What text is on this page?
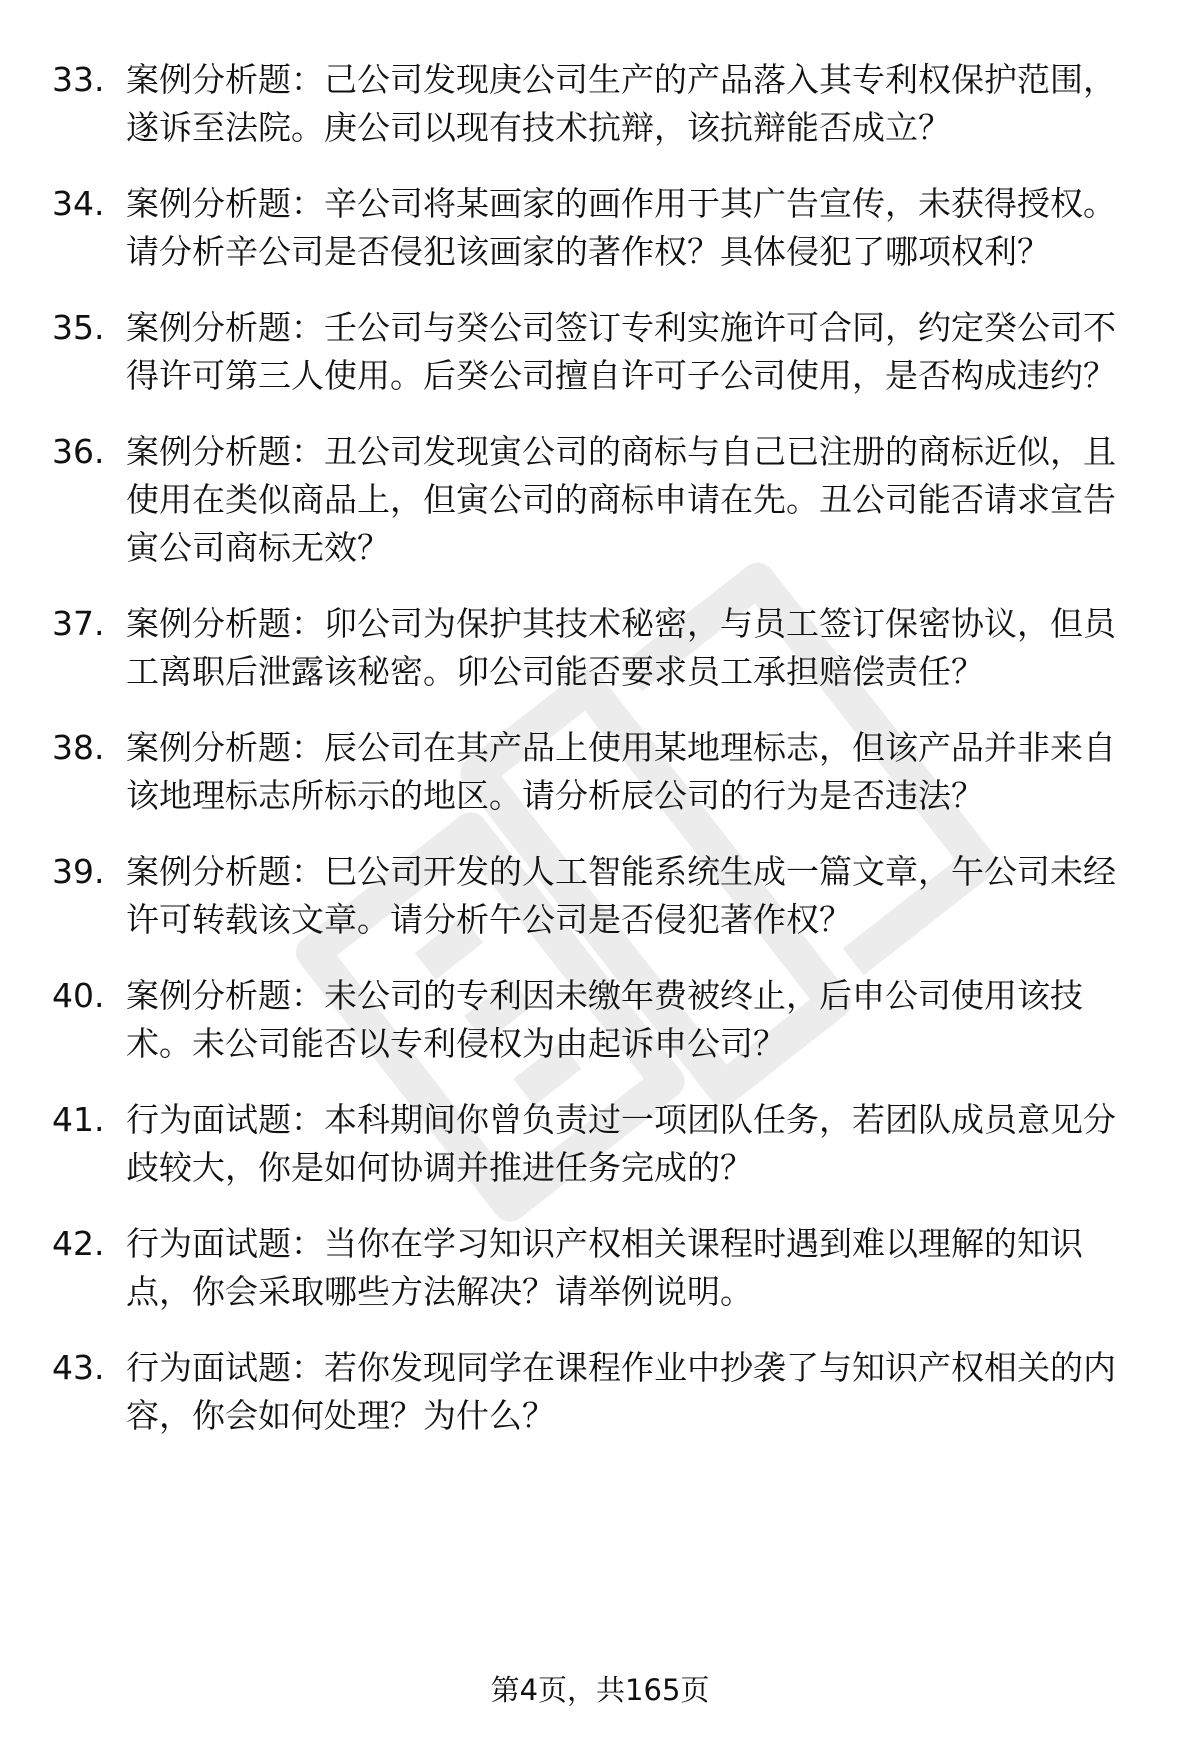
33. 案例分析题：己公司发现庚公司生产的产品落入其专利权保护范围，遂诉至法院。庚公司以现有技术抗辩，该抗辩能否成立？
34. 案例分析题：辛公司将某画家的画作用于其广告宣传，未获得授权。请分析辛公司是否侵犯该画家的著作权？具体侵犯了哪项权利？
35. 案例分析题：壬公司与癸公司签订专利实施许可合同，约定癸公司不得许可第三人使用。后癸公司擅自许可子公司使用，是否构成违约？
36. 案例分析题：丑公司发现寅公司的商标与自己已注册的商标近似，且使用在类似商品上，但寅公司的商标申请在先。丑公司能否请求宣告寅公司商标无效？
37. 案例分析题：卯公司为保护其技术秘密，与员工签订保密协议，但员工离职后泄露该秘密。卯公司能否要求员工承担赔偿责任？
38. 案例分析题：辰公司在其产品上使用某地理标志，但该产品并非来自该地理标志所标示的地区。请分析辰公司的行为是否违法？
39. 案例分析题：巳公司开发的人工智能系统生成一篇文章，午公司未经许可转载该文章。请分析午公司是否侵犯著作权？
40. 案例分析题：未公司的专利因未缴年费被终止，后申公司使用该技术。未公司能否以专利侵权为由起诉申公司？
41. 行为面试题：本科期间你曾负责过一项团队任务，若团队成员意见分歧较大，你是如何协调并推进任务完成的？
42. 行为面试题：当你在学习知识产权相关课程时遇到难以理解的知识点，你会采取哪些方法解决？请举例说明。
43. 行为面试题：若你发现同学在课程作业中抄袭了与知识产权相关的内容，你会如何处理？为什么？
第4页，共165页
